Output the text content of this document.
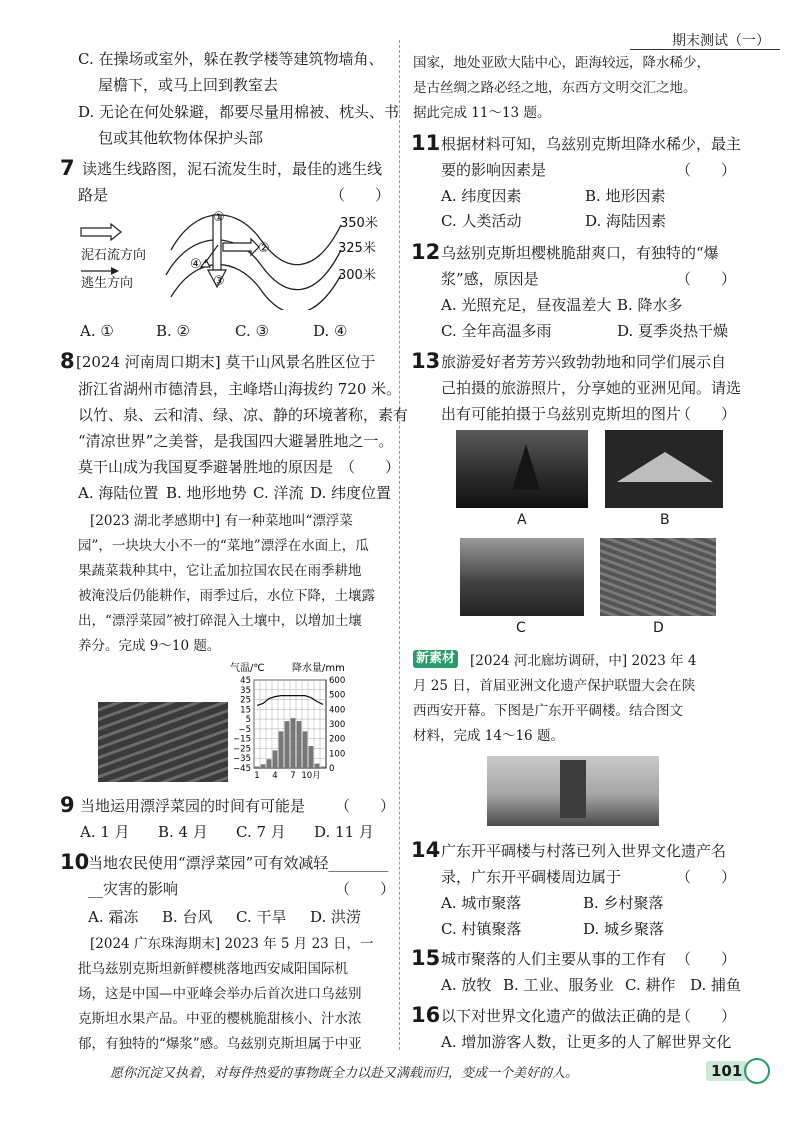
期末测试（一）
C. 在操场或室外，躲在教学楼等建筑物墙角、
屋檐下，或马上回到教室去
D. 无论在何处躲避，都要尽量用棉被、枕头、书
包或其他软物体保护头部
7 读逃生线路图，泥石流发生时，最佳的逃生线
路是	（　　）
①
②
③
④
350米
325米
300米
泥石流方向
逃生方向
A. ①	B. ②	C. ③	D. ④
8 [2024 河南周口期末] 莫干山风景名胜区位于
浙江省湖州市德清县，主峰塔山海拔约 720 米。
以竹、泉、云和清、绿、凉、静的环境著称，素有
“清凉世界”之美誉，是我国四大避暑胜地之一。
莫干山成为我国夏季避暑胜地的原因是 （　　）
A. 海陆位置 B. 地形地势 C. 洋流 D. 纬度位置
[2023 湖北孝感期中] 有一种菜地叫“漂浮菜
园”，一块块大小不一的“菜地”漂浮在水面上，瓜
果蔬菜栽种其中，它让孟加拉国农民在雨季耕地
被淹没后仍能耕作，雨季过后，水位下降，土壤露
出，“漂浮菜园”被打碎混入土壤中，以增加土壤
养分。完成 9～10 题。
45
35
25
15
5
−5
−15
−25
−35
−45
600
500
400
300
200
100
0
1 4 7 10月
气温/℃	降水量/mm
9 当地运用漂浮菜园的时间有可能是 （　　）
A. 1 月 B. 4 月 C. 7 月 D. 11 月
10
当地农民使用“漂浮菜园”可有效减轻________
__灾害的影响	（　　）
A. 霜冻 B. 台风 C. 干旱 D. 洪涝
[2024 广东珠海期末] 2023 年 5 月 23 日，一
批乌兹别克斯坦新鲜樱桃落地西安咸阳国际机
场，这是中国—中亚峰会举办后首次进口乌兹别
克斯坦水果产品。中亚的樱桃脆甜核小、汁水浓
郁，有独特的“爆浆”感。乌兹别克斯坦属于中亚
国家，地处亚欧大陆中心，距海较远，降水稀少，
是古丝绸之路必经之地，东西方文明交汇之地。
据此完成 11～13 题。
11 根据材料可知，乌兹别克斯坦降水稀少，最主
要的影响因素是	（　　）
A. 纬度因素	B. 地形因素
C. 人类活动	D. 海陆因素
12 乌兹别克斯坦樱桃脆甜爽口，有独特的“爆
浆”感，原因是	（　　）
A. 光照充足，昼夜温差大 B. 降水多
C. 全年高温多雨	D. 夏季炎热干燥
13 旅游爱好者芳芳兴致勃勃地和同学们展示自
己拍摄的旅游照片，分享她的亚洲见闻。请选
出有可能拍摄于乌兹别克斯坦的图片
（　　）
A	B
C	D
新素材 [2024 河北廊坊调研，中] 2023 年 4
月 25 日，首届亚洲文化遗产保护联盟大会在陕
西西安开幕。下图是广东开平碉楼。结合图文
材料，完成 14～16 题。
14 广东开平碉楼与村落已列入世界文化遗产名
录，广东开平碉楼周边属于	（　　）
A. 城市聚落	B. 乡村聚落
C. 村镇聚落	D. 城乡聚落
15 城市聚落的人们主要从事的工作有 （　　）
A. 放牧 B. 工业、服务业 C. 耕作 D. 捕鱼
16 以下对世界文化遗产的做法正确的是
（　　）
A. 增加游客人数，让更多的人了解世界文化
愿你沉淀又执着，对每件热爱的事物既全力以赴又满载而归，变成一个美好的人。	101
